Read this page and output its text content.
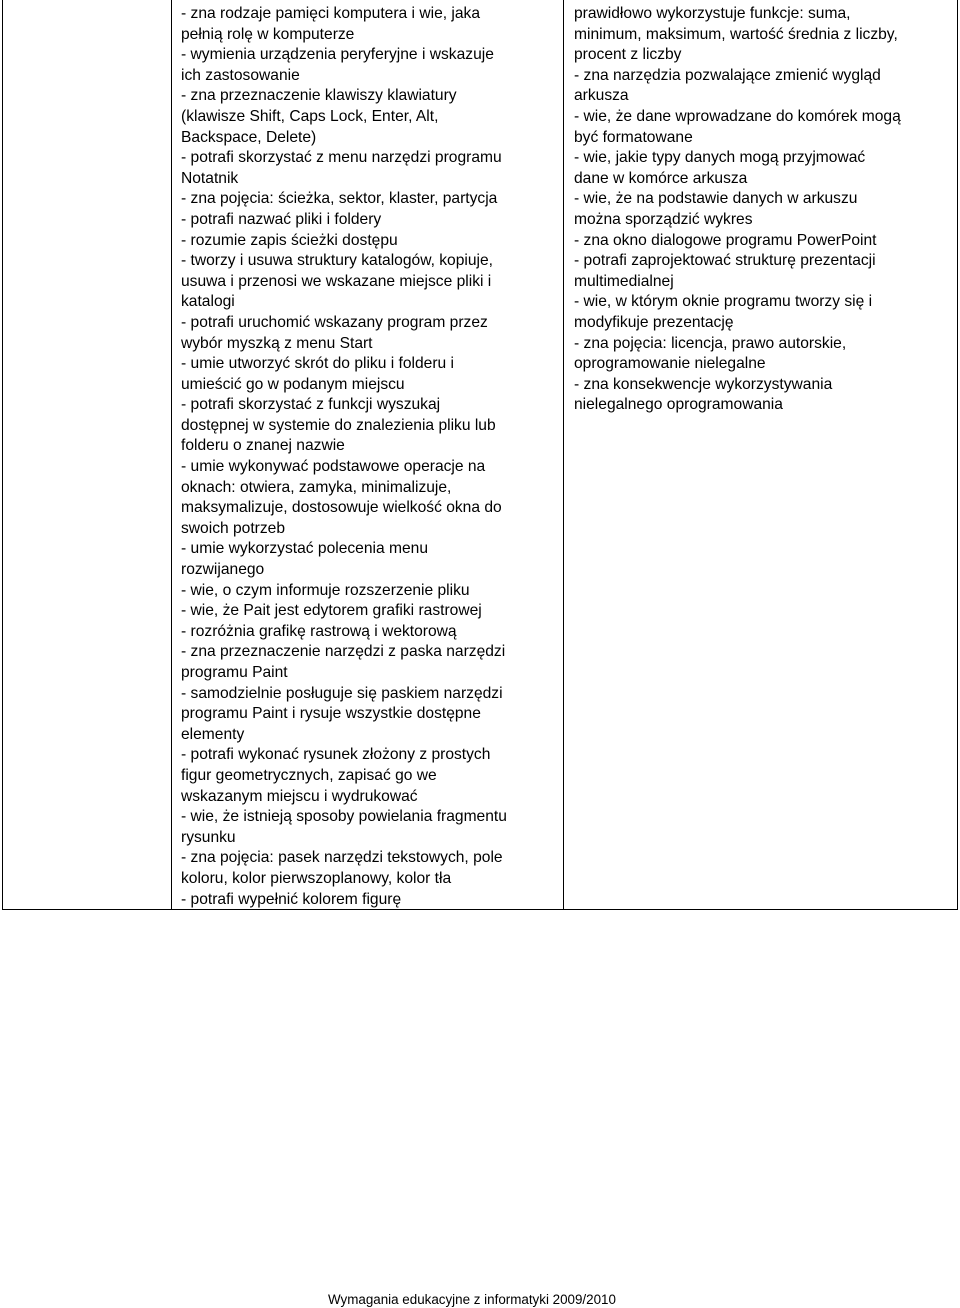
- zna rodzaje pamięci komputera i wie, jaka
pełnią rolę w komputerze
- wymienia urządzenia peryferyjne i wskazuje
ich zastosowanie
- zna przeznaczenie klawiszy klawiatury
(klawisze Shift, Caps Lock, Enter, Alt,
Backspace, Delete)
- potrafi skorzystać z menu narzędzi programu
Notatnik
- zna pojęcia: ścieżka, sektor, klaster, partycja
- potrafi nazwać pliki i foldery
- rozumie zapis ścieżki dostępu
- tworzy i usuwa struktury katalogów, kopiuje,
usuwa i przenosi we wskazane miejsce pliki i
katalogi
- potrafi uruchomić wskazany program przez
wybór myszką z menu Start
- umie utworzyć skrót do pliku i folderu i
umieścić go w podanym miejscu
- potrafi skorzystać z funkcji wyszukaj
dostępnej w systemie do znalezienia pliku lub
folderu o znanej nazwie
- umie wykonywać podstawowe operacje na
oknach: otwiera, zamyka, minimalizuje,
maksymalizuje, dostosowuje wielkość okna do
swoich potrzeb
- umie wykorzystać polecenia menu
rozwijanego
- wie, o czym informuje rozszerzenie pliku
- wie, że Pait jest edytorem grafiki rastrowej
- rozróżnia grafikę rastrową i wektorową
- zna przeznaczenie narzędzi z paska narzędzi
programu Paint
- samodzielnie posługuje się paskiem narzędzi
programu Paint i rysuje wszystkie dostępne
elementy
- potrafi wykonać rysunek złożony z prostych
figur geometrycznych, zapisać go we
wskazanym miejscu i wydrukować
- wie, że istnieją sposoby powielania fragmentu
rysunku
- zna pojęcia: pasek narzędzi tekstowych, pole
koloru, kolor pierwszoplanowy, kolor tła
- potrafi wypełnić kolorem figurę
prawidłowo wykorzystuje funkcje: suma,
minimum, maksimum, wartość średnia z liczby,
procent z liczby
- zna narzędzia pozwalające zmienić wygląd
arkusza
- wie, że dane wprowadzane do komórek mogą
być formatowane
- wie, jakie typy danych mogą przyjmować
dane w komórce arkusza
- wie, że na podstawie danych w arkuszu
można sporządzić wykres
- zna okno dialogowe programu PowerPoint
- potrafi zaprojektować strukturę prezentacji
multimedialnej
- wie, w którym oknie programu tworzy się i
modyfikuje prezentację
- zna pojęcia: licencja, prawo autorskie,
oprogramowanie nielegalne
- zna konsekwencje wykorzystywania
nielegalnego oprogramowania
Wymagania edukacyjne z informatyki 2009/2010
